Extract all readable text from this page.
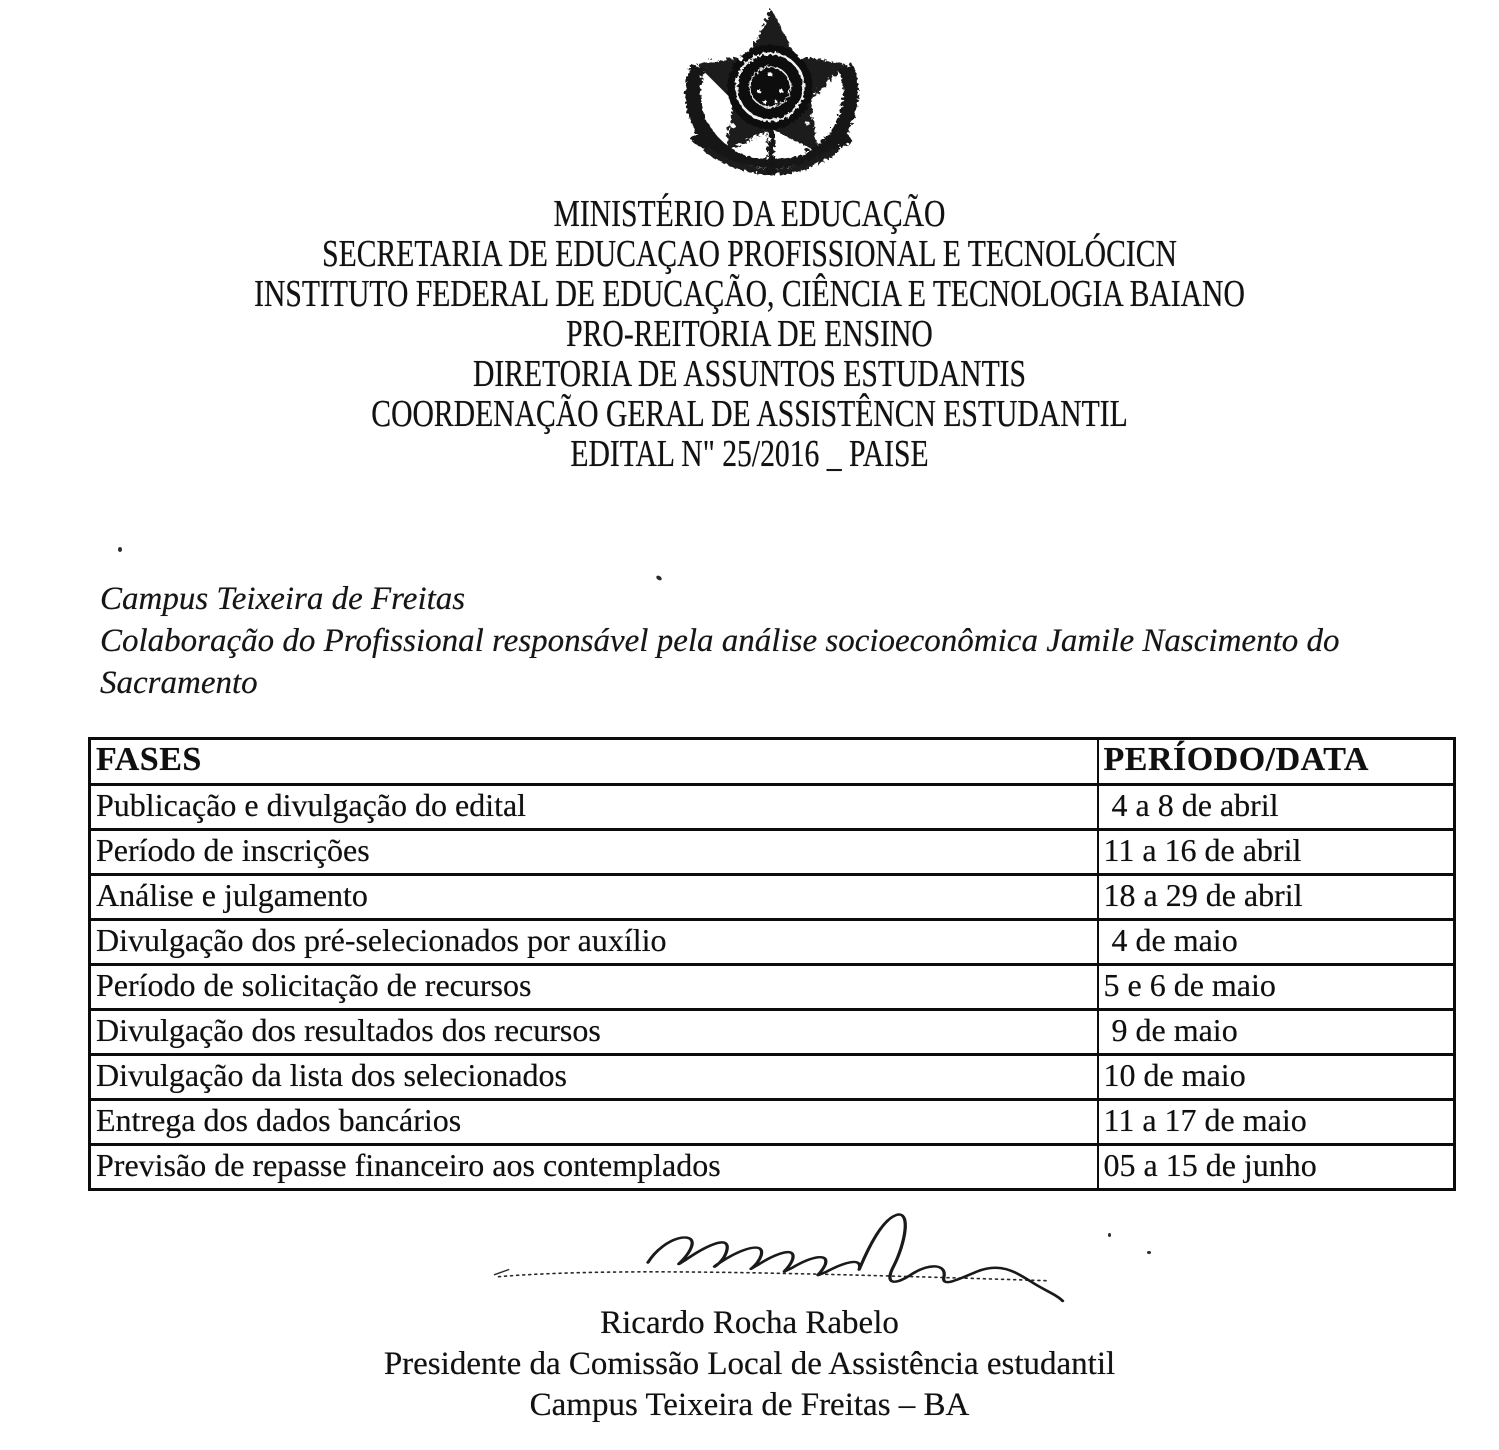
MINISTÉRIO DA EDUCAÇÃO
SECRETARIA DE EDUCAÇAO PROFISSIONAL E TECNOLÓCICN
INSTITUTO FEDERAL DE EDUCAÇÃO, CIÊNCIA E TECNOLOGIA BAIANO
PRO-REITORIA DE ENSINO
DIRETORIA DE ASSUNTOS ESTUDANTIS
COORDENAÇÃO GERAL DE ASSISTÊNCN ESTUDANTIL
EDITAL N" 25/2016 _ PAISE
Campus Teixeira de Freitas
Colaboração do Profissional responsável pela análise socioeconômica Jamile Nascimento do
Sacramento
FASES	PERÍODO/DATA
Publicação e divulgação do edital	4 a 8 de abril
Período de inscrições	11 a 16 de abril
Análise e julgamento	18 a 29 de abril
Divulgação dos pré-selecionados por auxílio	4 de maio
Período de solicitação de recursos	5 e 6 de maio
Divulgação dos resultados dos recursos	9 de maio
Divulgação da lista dos selecionados	10 de maio
Entrega dos dados bancários	11 a 17 de maio
Previsão de repasse financeiro aos contemplados	05 a 15 de junho
Ricardo Rocha Rabelo
Presidente da Comissão Local de Assistência estudantil
Campus Teixeira de Freitas – BA
